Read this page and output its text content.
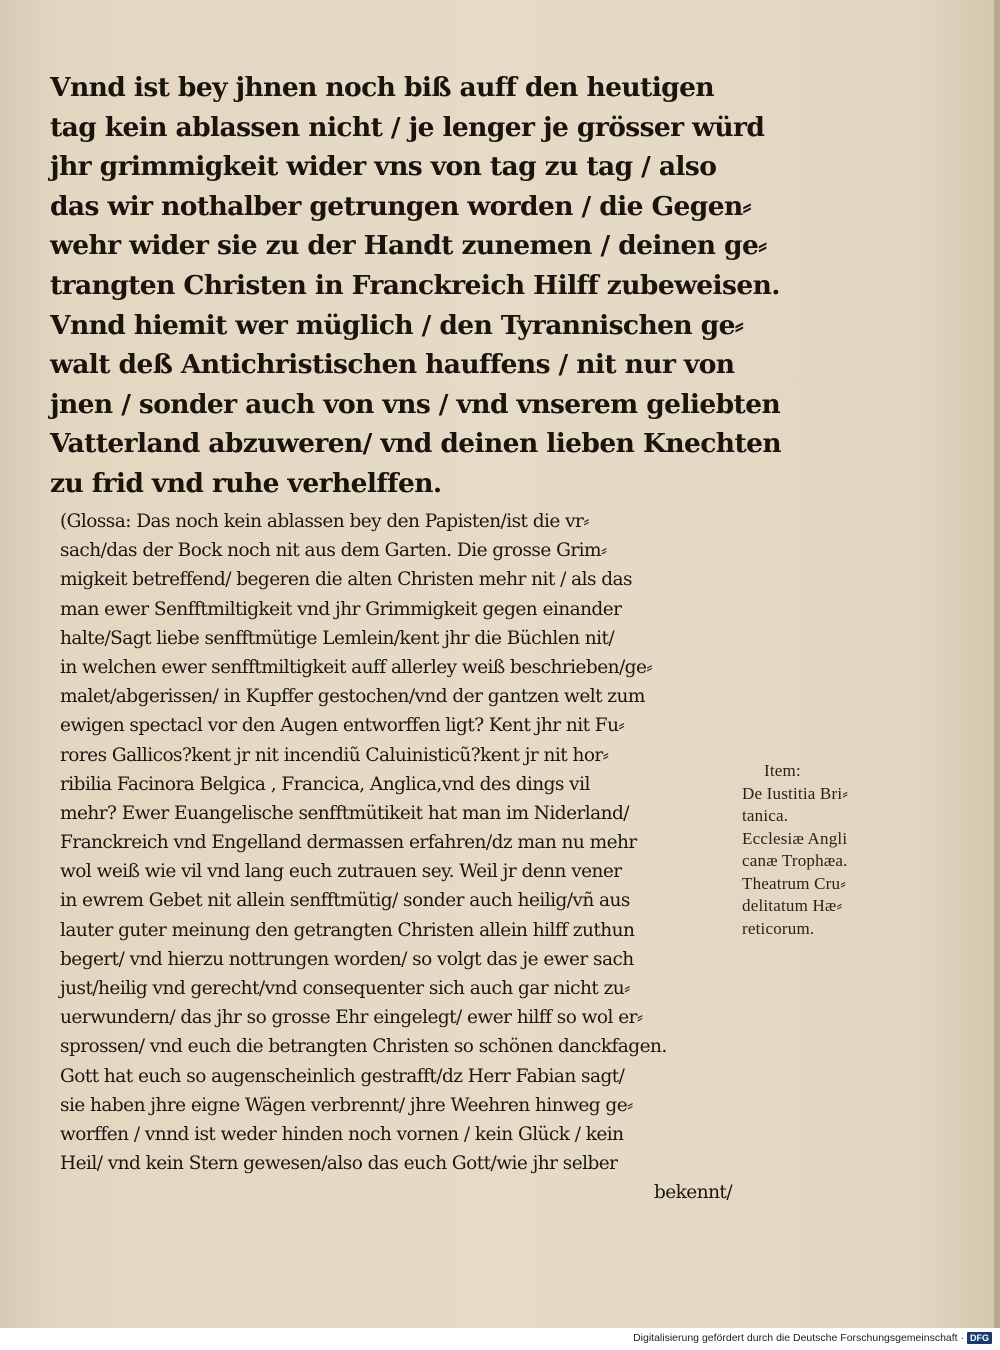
Vnnd ist bey jhnen noch biß auff den heutigen
tag kein ablassen nicht / je lenger je grösser würd
jhr grimmigkeit wider vns von tag zu tag / also
das wir nothalber getrungen worden / die Gegen⸗
wehr wider sie zu der Handt zunemen / deinen ge⸗
trangten Christen in Franckreich Hilff zubeweisen.
Vnnd hiemit wer müglich / den Tyrannischen ge⸗
walt deß Antichristischen hauffens / nit nur von
jnen / sonder auch von vns / vnd vnserem geliebten
Vatterland abzuweren/ vnd deinen lieben Knechten
zu frid vnd ruhe verhelffen.
(Glossa: Das noch kein ablassen bey den Papisten/ist die vr⸗
sach/das der Bock noch nit aus dem Garten. Die grosse Grim⸗
migkeit betreffend/ begeren die alten Christen mehr nit / als das
man ewer Senfftmiltigkeit vnd jhr Grimmigkeit gegen einander
halte/Sagt liebe senfftmütige Lemlein/kent jhr die Büchlen nit/
in welchen ewer senfftmiltigkeit auff allerley weiß beschrieben/ge⸗
malet/abgerissen/ in Kupffer gestochen/vnd der gantzen welt zum
ewigen spectacl vor den Augen entworffen ligt? Kent jhr nit Fu⸗
rores Gallicos?kent jr nit incendiũ Caluinisticũ?kent jr nit hor⸗
ribilia Facinora Belgica , Francica, Anglica,vnd des dings vil
mehr? Ewer Euangelische senfftmütikeit hat man im Niderland/
Franckreich vnd Engelland dermassen erfahren/dz man nu mehr
wol weiß wie vil vnd lang euch zutrauen sey. Weil jr denn vener
in ewrem Gebet nit allein senfftmütig/ sonder auch heilig/vñ aus
lauter guter meinung den getrangten Christen allein hilff zuthun
begert/ vnd hierzu nottrungen worden/ so volgt das je ewer sach
just/heilig vnd gerecht/vnd consequenter sich auch gar nicht zu⸗
uerwundern/ das jhr so grosse Ehr eingelegt/ ewer hilff so wol er⸗
sprossen/ vnd euch die betrangten Christen so schönen danckfagen.
Gott hat euch so augenscheinlich gestrafft/dz Herr Fabian sagt/
sie haben jhre eigne Wägen verbrennt/ jhre Weehren hinweg ge⸗
worffen / vnnd ist weder hinden noch vornen / kein Glück / kein
Heil/ vnd kein Stern gewesen/also das euch Gott/wie jhr selber
bekennt/
Item:
De Iustitia Bri⸗
tanica.
Ecclesiæ Angli
canæ Trophæa.
Theatrum Cru⸗
delitatum Hæ⸗
reticorum.
Digitalisierung gefördert durch die Deutsche Forschungsgemeinschaft · DFG
